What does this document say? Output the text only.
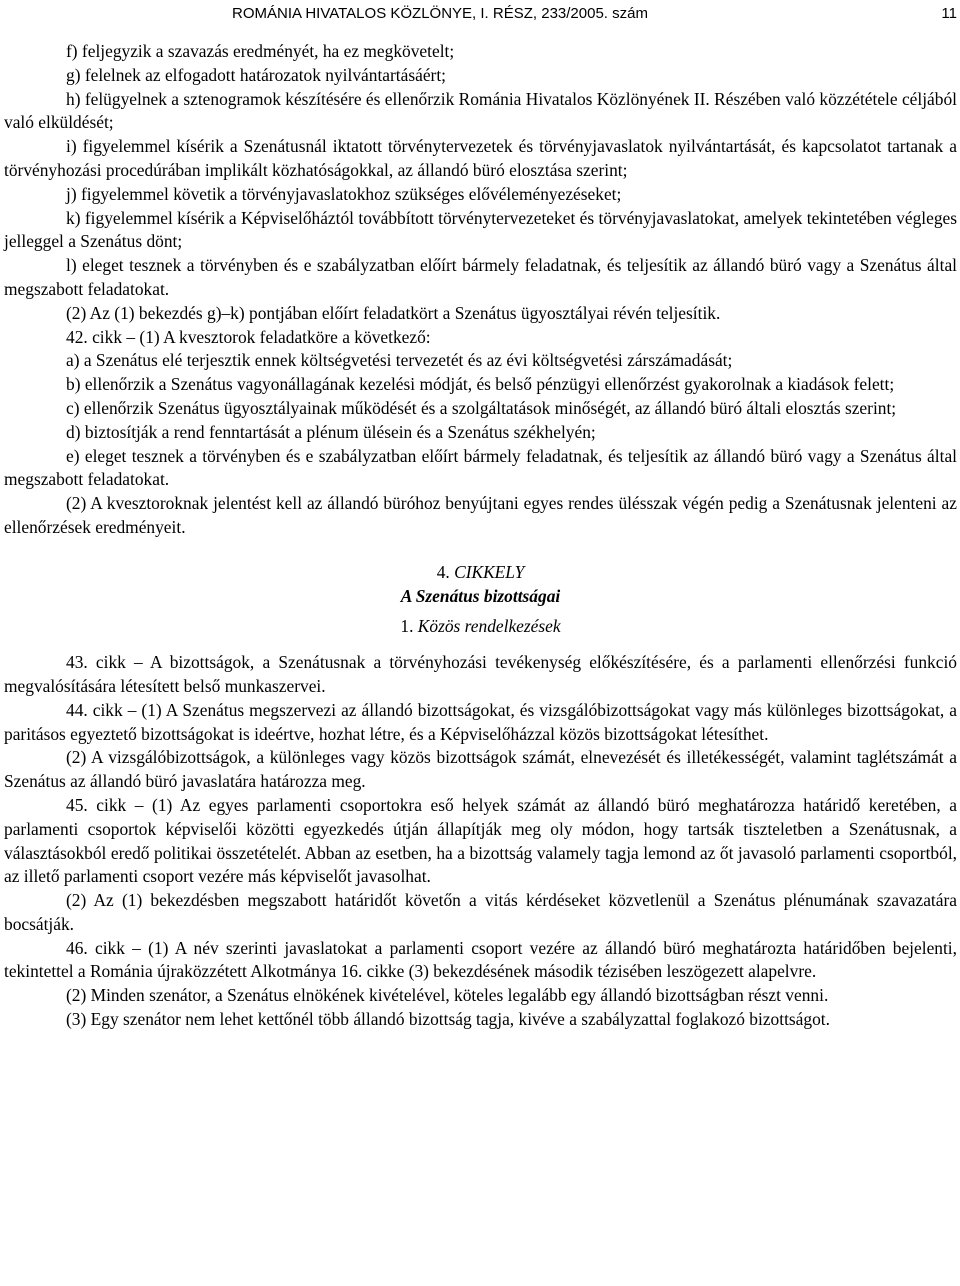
ROMÁNIA HIVATALOS KÖZLÖNYE, I. RÉSZ, 233/2005. szám	11

f) feljegyzik a szavazás eredményét, ha ez megkövetelt;

g) felelnek az elfogadott határozatok nyilvántartásáért;

h) felügyelnek a sztenogramok készítésére és ellenőrzik Románia Hivatalos Közlönyének II. Részében való közzététele céljából való elküldését;

i) figyelemmel kísérik a Szenátusnál iktatott törvénytervezetek és törvényjavaslatok nyilvántartását, és kapcsolatot tartanak a törvényhozási procedúrában implikált közhatóságokkal, az állandó büró elosztása szerint;

j) figyelemmel követik a törvényjavaslatokhoz szükséges elővéleményezéseket;

k) figyelemmel kísérik a Képviselőháztól továbbított törvénytervezeteket és törvényjavaslatokat, amelyek tekintetében végleges jelleggel a Szenátus dönt;

l) eleget tesznek a törvényben és e szabályzatban előírt bármely feladatnak, és teljesítik az állandó büró vagy a Szenátus által megszabott feladatokat.

(2) Az (1) bekezdés g)–k) pontjában előírt feladatkört a Szenátus ügyosztályai révén teljesítik.

42. cikk – (1) A kvesztorok feladatköre a következő:

a) a Szenátus elé terjesztik ennek költségvetési tervezetét és az évi költségvetési zárszámadását;

b) ellenőrzik a Szenátus vagyonállagának kezelési módját, és belső pénzügyi ellenőrzést gyakorolnak a kiadások felett;

c) ellenőrzik Szenátus ügyosztályainak működését és a szolgáltatások minőségét, az állandó büró általi elosztás szerint;

d) biztosítják a rend fenntartását a plénum ülésein és a Szenátus székhelyén;

e) eleget tesznek a törvényben és e szabályzatban előírt bármely feladatnak, és teljesítik az állandó büró vagy a Szenátus által megszabott feladatokat.

(2) A kvesztoroknak jelentést kell az állandó büróhoz benyújtani egyes rendes ülésszak végén pedig a Szenátusnak jelenteni az ellenőrzések eredményeit.

4. CIKKELY

A Szenátus bizottságai

1. Közös rendelkezések

43. cikk – A bizottságok, a Szenátusnak a törvényhozási tevékenység előkészítésére, és a parlamenti ellenőrzési funkció megvalósítására létesített belső munkaszervei.

44. cikk – (1) A Szenátus megszervezi az állandó bizottságokat, és vizsgálóbizottságokat vagy más különleges bizottságokat, a paritásos egyeztető bizottságokat is ideértve, hozhat létre, és a Képviselőházzal közös bizottságokat létesíthet.

(2) A vizsgálóbizottságok, a különleges vagy közös bizottságok számát, elnevezését és illetékességét, valamint taglétszámát a Szenátus az állandó büró javaslatára határozza meg.

45. cikk – (1) Az egyes parlamenti csoportokra eső helyek számát az állandó büró meghatározza határidő keretében, a parlamenti csoportok képviselői közötti egyezkedés útján állapítják meg oly módon, hogy tartsák tiszteletben a Szenátusnak, a választásokból eredő politikai összetételét. Abban az esetben, ha a bizottság valamely tagja lemond az őt javasoló parlamenti csoportból, az illető parlamenti csoport vezére más képviselőt javasolhat.

(2) Az (1) bekezdésben megszabott határidőt követőn a vitás kérdéseket közvetlenül a Szenátus plénumának szavazatára bocsátják.

46. cikk – (1) A név szerinti javaslatokat a parlamenti csoport vezére az állandó büró meghatározta határidőben bejelenti, tekintettel a Románia újraközzétett Alkotmánya 16. cikke (3) bekezdésének második tézisében leszögezett alapelvre.

(2) Minden szenátor, a Szenátus elnökének kivételével, köteles legalább egy állandó bizottságban részt venni.

(3) Egy szenátor nem lehet kettőnél több állandó bizottság tagja, kivéve a szabályzattal foglakozó bizottságot.
